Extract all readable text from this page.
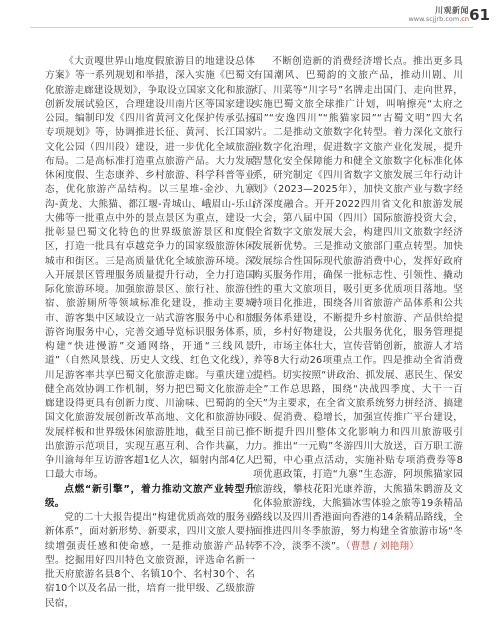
川观新闻
www.scjjrb.com.cn 61

《大贡嘎世界山地度假旅游目的地建设总体方案》等一系列规划和举措，深入实施《巴蜀文化旅游走廊建设规划》，争取设立国家文化和旅游创新发展试验区，合理建设川南片区等国家建设公园。编制印发《四川省黄河文化保护传承弘扬专项规划》等，协调推进长征、黄河、长江国家文化公园（四川段）建设，进一步优化全域旅游布局。二是高标准打造重点旅游产品。大力发展休闲度假、生态康养、乡村旅游、科学科普等业态，优化旅游产品结构。以三星堆-金沙、九寨沟-黄龙、大熊猫、都江堰-青城山、峨眉山-乐山大佛等一批重点中外的景点景区为重点，建设一批彰显巴蜀文化特色的世界级旅游景区和度假区，打造一批具有卓越竞争力的国家级旅游休闲城市和街区。三是高质量优化全域旅游环境。深入开展景区管理服务质量提升行动，全力打造国际化旅游环境。加强旅游景区、旅行社、旅游住宿、旅游厕所等领域标准化建设，推动主要城市、游客集中区域设立一站式游客服务中心和旅游咨询服务中心，完善交通导览标识服务体系，构建“快进慢游”交通网络，开通“三线风景道”（自然风景线、历史人文线、红色文化线），川足游客率共享巴蜀文化旅游走廊。与重庆建立健全高效协调工作机制，努力把巴蜀文化旅游走廊建设得更具有创新力度、川渝味、巴蜀韵的全国文化旅游发展创新改革高地、文化和旅游协同发展样板和世界级休闲旅游胜地，截至目前已推出旅游示范项目，实现互惠互利、合作共赢，力争川渝每年互访游客超1亿人次，辐射内部4亿人口最大市场。

点燃“新引擎”，着力推动文旅产业转型升级。

党的二十大报告提出“构建优质高效的服务业新体系”，面对新形势、新要求，四川文旅人要持续增强责任感和使命感，一是推动旅游产品转型。挖掘用好四川特色文旅资源，评选命名新一批天府旅游名县8个、名镇10个、名村30个、名宿10个以及名品一批，培育一批甲级、乙级旅游民宿，

不断创造新的消费经济增长点。推出更多具有国潮风、巴蜀韵的文旅产品，推动川剧、川灯、川菜等“川字号”名牌走出国门、走向世界，实施巴蜀文旅全球推广计划，叫响擦亮“太府之国”“安逸四川”“熊猫家园”“古蜀文明”四大名片。二是推动文旅数字化转型。着力深化文旅行业数字化治理，促进数字文旅产业化发展，提升智慧化安全保障能力和健全文旅数字化标准化体系，研究制定《四川省数字文旅发展三年行动计划》（2023—2025年），加快文旅产业与数字经济深度融合。开开2022四川省文化和旅游发展大会，第八届中国（四川）国际旅游投资大会，全省数字文旅发展大会，构建四川文旅数字经济发展新优势。三是推动文旅部门重点转型。加快发展综合性国际现代旅游消费中心，发挥好政府购买服务作用，确保一批标志性、引领性、撬动性的重大文旅项目，吸引更多优质项目落地。坚持项目化推进，围绕各川省旅游产品体系和公共服务体系建设，不断提升乡村旅游、产品供给提质，乡村好物建设，公共服务优化，服务管理提升，市场主体壮大，宣传营销创新，旅游人才培养等8大行动26项重点工作。四是推动全省消费提档。切实按照“讲政治、抓发展、惠民生、保安全”工作总思路，围绕“决战四季度、大干一百天”为主要求，在全省文旅系统努力拼经济、搞建设、促消费、稳增长，加强宣传推广平台建设，不断提升四川整体文化影响力和四川旅游吸引力。推出“一元购”冬游四川大放送，百万职工游巴蜀，中心重点活动，实施补贴专项消费券等8项优惠政策，打造“九寨”生态游，阿坝熊猫家园旅游线，攀枝花阳光康养游，大熊猫朱鹮游及文化体验旅游线，大熊猫冰雪体验之旅等19条精品路线以及四川香港面向香港的14条精品路线，全面推进四川冬季旅游，努力构建全省旅游市场“冬季不冷，淡季不淡”。（曹慧 / 刘艳翔）
